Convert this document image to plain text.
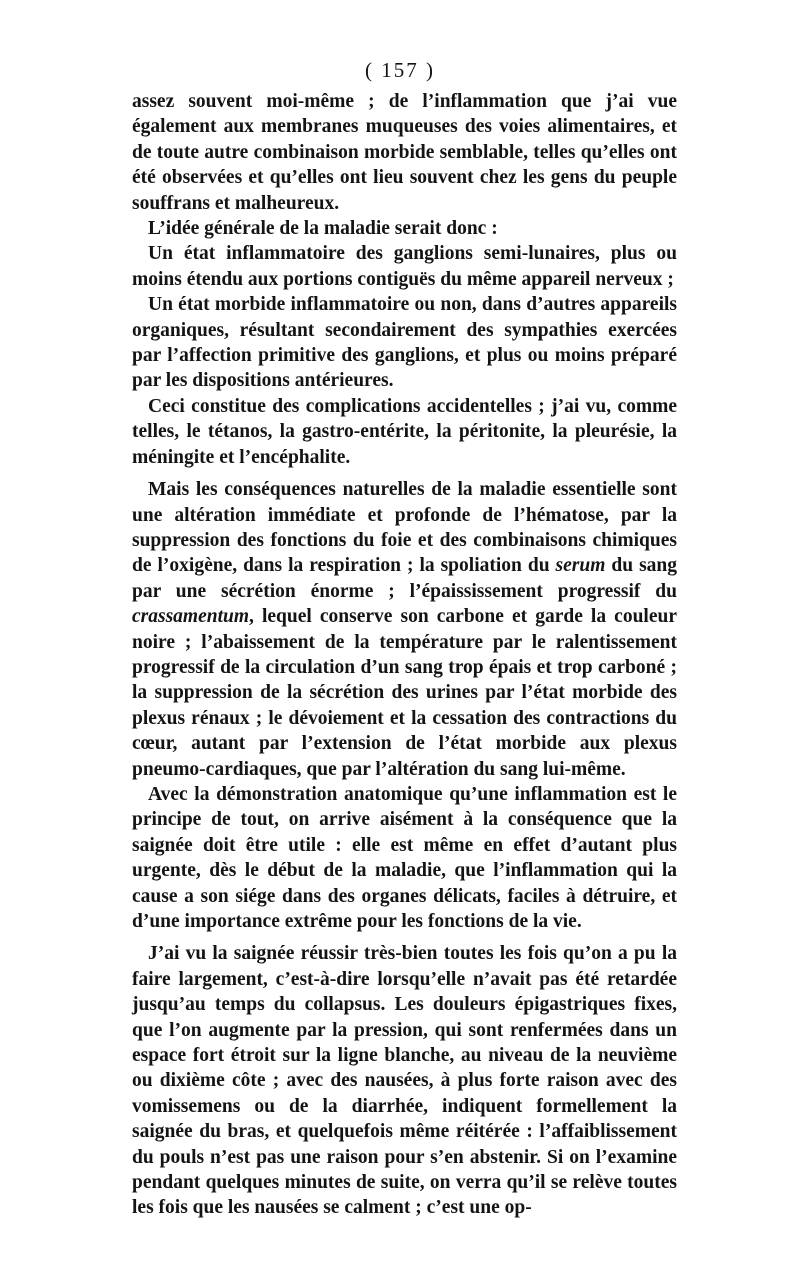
( 157 )

assez souvent moi-même ; de l’inflammation que j’ai vue également aux membranes muqueuses des voies alimentaires, et de toute autre combinaison morbide semblable, telles qu’elles ont été observées et qu’elles ont lieu souvent chez les gens du peuple souffrans et malheureux.

L’idée générale de la maladie serait donc :

Un état inflammatoire des ganglions semi-lunaires, plus ou moins étendu aux portions contiguës du même appareil nerveux ;

Un état morbide inflammatoire ou non, dans d’autres appareils organiques, résultant secondairement des sympathies exercées par l’affection primitive des ganglions, et plus ou moins préparé par les dispositions antérieures.

Ceci constitue des complications accidentelles ; j’ai vu, comme telles, le tétanos, la gastro-entérite, la péritonite, la pleurésie, la méningite et l’encéphalite.

Mais les conséquences naturelles de la maladie essentielle sont une altération immédiate et profonde de l’hématose, par la suppression des fonctions du foie et des combinaisons chimiques de l’oxigène, dans la respiration ; la spoliation du serum du sang par une sécrétion énorme ; l’épaississement progressif du crassamentum, lequel conserve son carbone et garde la couleur noire ; l’abaissement de la température par le ralentissement progressif de la circulation d’un sang trop épais et trop carboné ; la suppression de la sécrétion des urines par l’état morbide des plexus rénaux ; le dévoiement et la cessation des contractions du cœur, autant par l’extension de l’état morbide aux plexus pneumo-cardiaques, que par l’altération du sang lui-même.

Avec la démonstration anatomique qu’une inflammation est le principe de tout, on arrive aisément à la conséquence que la saignée doit être utile : elle est même en effet d’autant plus urgente, dès le début de la maladie, que l’inflammation qui la cause a son siége dans des organes délicats, faciles à détruire, et d’une importance extrême pour les fonctions de la vie.

J’ai vu la saignée réussir très-bien toutes les fois qu’on a pu la faire largement, c’est-à-dire lorsqu’elle n’avait pas été retardée jusqu’au temps du collapsus. Les douleurs épigastriques fixes, que l’on augmente par la pression, qui sont renfermées dans un espace fort étroit sur la ligne blanche, au niveau de la neuvième ou dixième côte ; avec des nausées, à plus forte raison avec des vomissemens ou de la diarrhée, indiquent formellement la saignée du bras, et quelquefois même réitérée : l’affaiblissement du pouls n’est pas une raison pour s’en abstenir. Si on l’examine pendant quelques minutes de suite, on verra qu’il se relève toutes les fois que les nausées se calment ; c’est une op-
